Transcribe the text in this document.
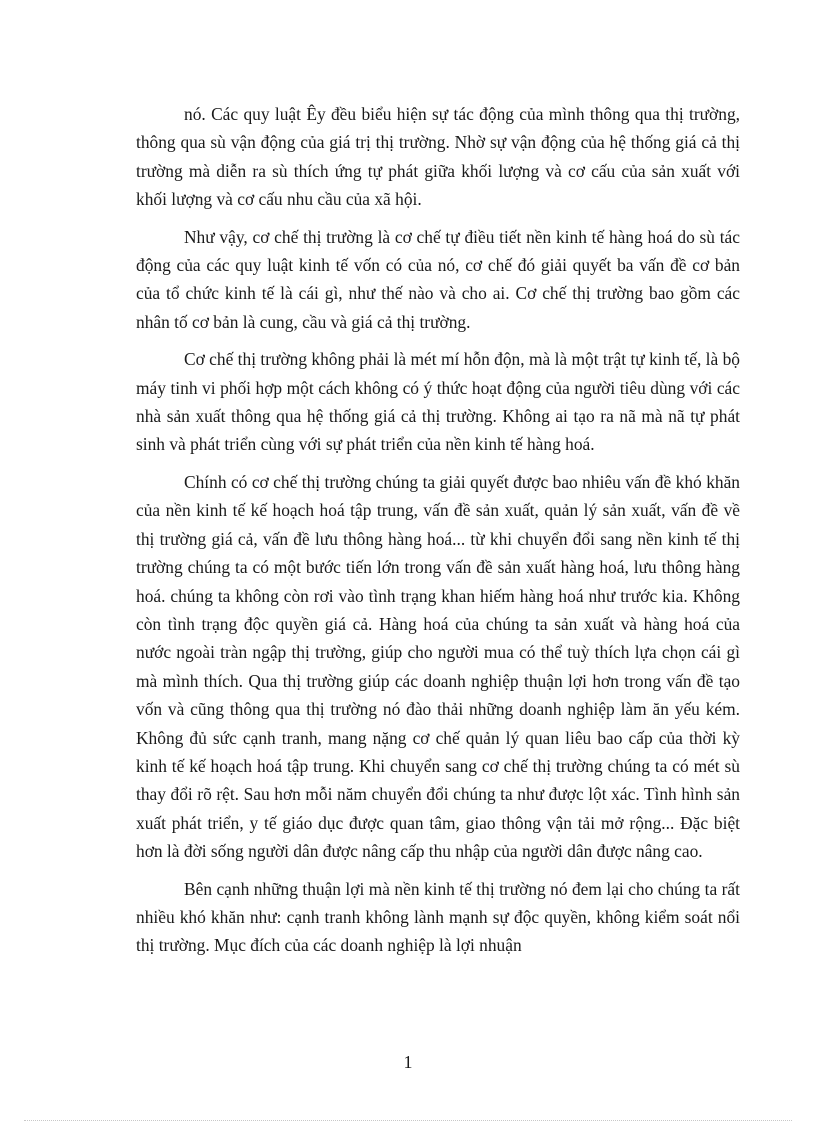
nó. Các quy luật Êy đều biểu hiện sự tác động của mình thông qua thị trường, thông qua sù vận động của giá trị thị trường. Nhờ sự vận động của hệ thống giá cả thị trường mà diễn ra sù thích ứng tự phát giữa khối lượng và cơ cấu của sản xuất với khối lượng và cơ cấu nhu cầu của xã hội.

Như vậy, cơ chế thị trường là cơ chế tự điều tiết nền kinh tế hàng hoá do sù tác động của các quy luật kinh tế vốn có của nó, cơ chế đó giải quyết ba vấn đề cơ bản của tổ chức kinh tế là cái gì, như thế nào và cho ai. Cơ chế thị trường bao gồm các nhân tố cơ bản là cung, cầu và giá cả thị trường.

Cơ chế thị trường không phải là mét mí hỗn độn, mà là một trật tự kinh tế, là bộ máy tinh vi phối hợp một cách không có ý thức hoạt động của người tiêu dùng với các nhà sản xuất thông qua hệ thống giá cả thị trường. Không ai tạo ra nã mà nã tự phát sinh và phát triển cùng với sự phát triển của nền kinh tế hàng hoá.

Chính có cơ chế thị trường chúng ta giải quyết được bao nhiêu vấn đề khó khăn của nền kinh tế kế hoạch hoá tập trung, vấn đề sản xuất, quản lý sản xuất, vấn đề về thị trường giá cả, vấn đề lưu thông hàng hoá... từ khi chuyển đổi sang nền kinh tế thị trường chúng ta có một bước tiến lớn trong vấn đề sản xuất hàng hoá, lưu thông hàng hoá. chúng ta không còn rơi vào tình trạng khan hiếm hàng hoá như trước kia. Không còn tình trạng độc quyền giá cả. Hàng hoá của chúng ta sản xuất và hàng hoá của nước ngoài tràn ngập thị trường, giúp cho người mua có thể tuỳ thích lựa chọn cái gì mà mình thích. Qua thị trường giúp các doanh nghiệp thuận lợi hơn trong vấn đề tạo vốn và cũng thông qua thị trường nó đào thải những doanh nghiệp làm ăn yếu kém. Không đủ sức cạnh tranh, mang nặng cơ chế quản lý quan liêu bao cấp của thời kỳ kinh tế kế hoạch hoá tập trung. Khi chuyển sang cơ chế thị trường chúng ta có mét sù thay đổi rõ rệt. Sau hơn mỗi năm chuyển đổi chúng ta như được lột xác. Tình hình sản xuất phát triển, y tế giáo dục được quan tâm, giao thông vận tải mở rộng... Đặc biệt hơn là đời sống người dân được nâng cấp thu nhập của người dân được nâng cao.

Bên cạnh những thuận lợi mà nền kinh tế thị trường nó đem lại cho chúng ta rất nhiều khó khăn như: cạnh tranh không lành mạnh sự độc quyền, không kiểm soát nổi thị trường. Mục đích của các doanh nghiệp là lợi nhuận

1
